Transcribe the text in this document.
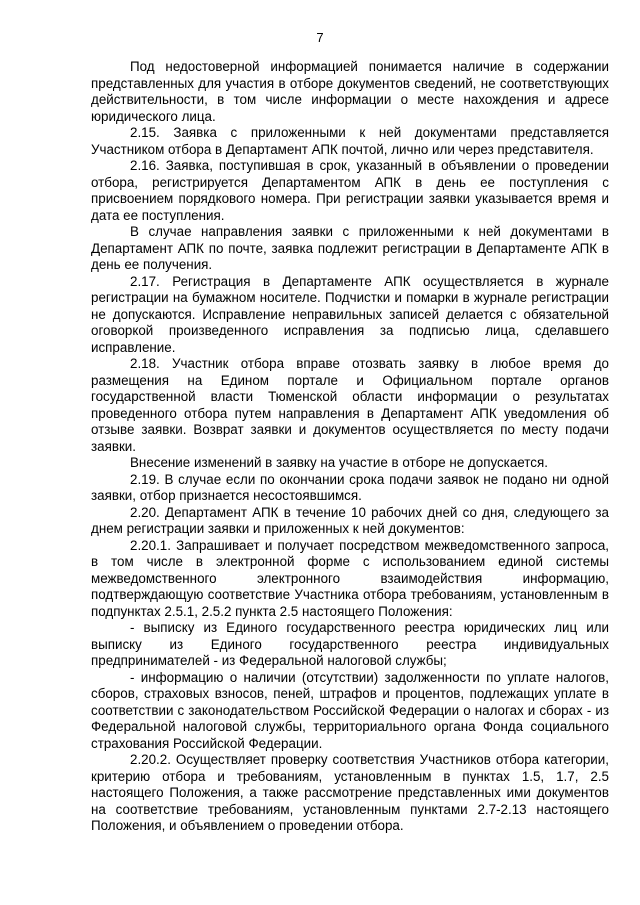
7

Под недостоверной информацией понимается наличие в содержании представленных для участия в отборе документов сведений, не соответствующих действительности, в том числе информации о месте нахождения и адресе юридического лица.

2.15. Заявка с приложенными к ней документами представляется Участником отбора в Департамент АПК почтой, лично или через представителя.

2.16. Заявка, поступившая в срок, указанный в объявлении о проведении отбора, регистрируется Департаментом АПК в день ее поступления с присвоением порядкового номера. При регистрации заявки указывается время и дата ее поступления.

В случае направления заявки с приложенными к ней документами в Департамент АПК по почте, заявка подлежит регистрации в Департаменте АПК в день ее получения.

2.17. Регистрация в Департаменте АПК осуществляется в журнале регистрации на бумажном носителе. Подчистки и помарки в журнале регистрации не допускаются. Исправление неправильных записей делается с обязательной оговоркой произведенного исправления за подписью лица, сделавшего исправление.

2.18. Участник отбора вправе отозвать заявку в любое время до размещения на Едином портале и Официальном портале органов государственной власти Тюменской области информации о результатах проведенного отбора путем направления в Департамент АПК уведомления об отзыве заявки. Возврат заявки и документов осуществляется по месту подачи заявки.

Внесение изменений в заявку на участие в отборе не допускается.

2.19. В случае если по окончании срока подачи заявок не подано ни одной заявки, отбор признается несостоявшимся.

2.20. Департамент АПК в течение 10 рабочих дней со дня, следующего за днем регистрации заявки и приложенных к ней документов:

2.20.1. Запрашивает и получает посредством межведомственного запроса, в том числе в электронной форме с использованием единой системы межведомственного электронного взаимодействия информацию, подтверждающую соответствие Участника отбора требованиям, установленным в подпунктах 2.5.1, 2.5.2 пункта 2.5 настоящего Положения:

- выписку из Единого государственного реестра юридических лиц или выписку из Единого государственного реестра индивидуальных предпринимателей - из Федеральной налоговой службы;

- информацию о наличии (отсутствии) задолженности по уплате налогов, сборов, страховых взносов, пеней, штрафов и процентов, подлежащих уплате в соответствии с законодательством Российской Федерации о налогах и сборах - из Федеральной налоговой службы, территориального органа Фонда социального страхования Российской Федерации.

2.20.2. Осуществляет проверку соответствия Участников отбора категории, критерию отбора и требованиям, установленным в пунктах 1.5, 1.7, 2.5 настоящего Положения, а также рассмотрение представленных ими документов на соответствие требованиям, установленным пунктами 2.7-2.13 настоящего Положения, и объявлением о проведении отбора.
